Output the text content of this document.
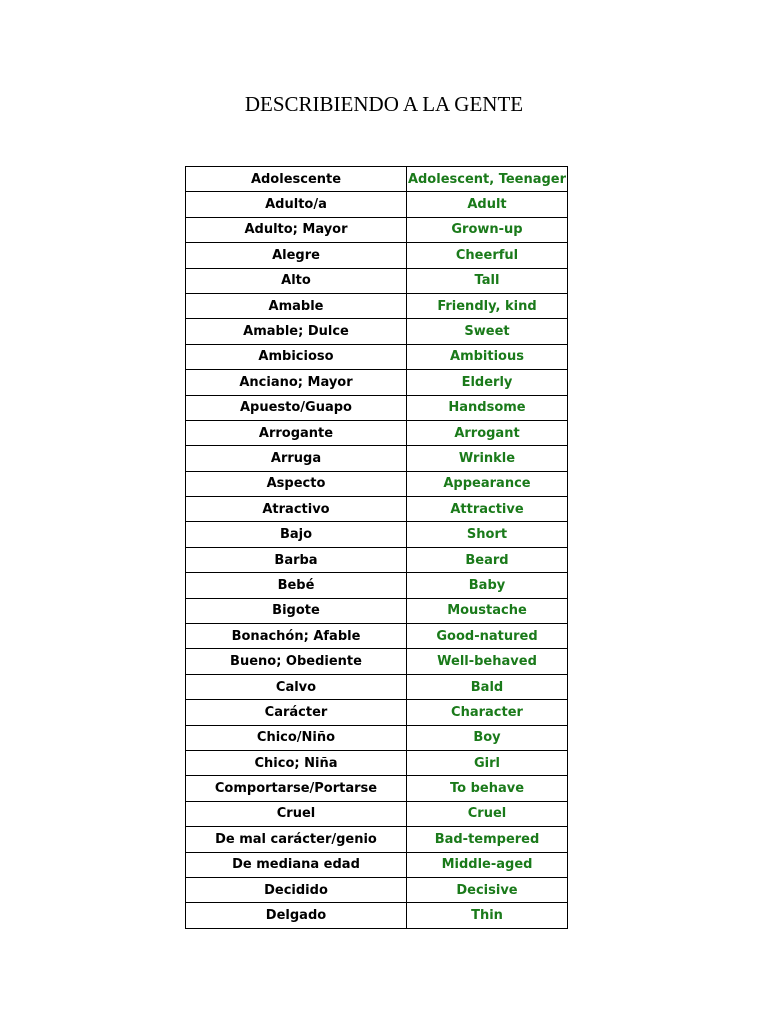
DESCRIBIENDO A LA GENTE
Adolescente	Adolescent, Teenager
Adulto/a	Adult
Adulto; Mayor	Grown-up
Alegre	Cheerful
Alto	Tall
Amable	Friendly, kind
Amable; Dulce	Sweet
Ambicioso	Ambitious
Anciano; Mayor	Elderly
Apuesto/Guapo	Handsome
Arrogante	Arrogant
Arruga	Wrinkle
Aspecto	Appearance
Atractivo	Attractive
Bajo	Short
Barba	Beard
Bebé	Baby
Bigote	Moustache
Bonachón; Afable	Good-natured
Bueno; Obediente	Well-behaved
Calvo	Bald
Carácter	Character
Chico/Niño	Boy
Chico; Niña	Girl
Comportarse/Portarse	To behave
Cruel	Cruel
De mal carácter/genio	Bad-tempered
De mediana edad	Middle-aged
Decidido	Decisive
Delgado	Thin
